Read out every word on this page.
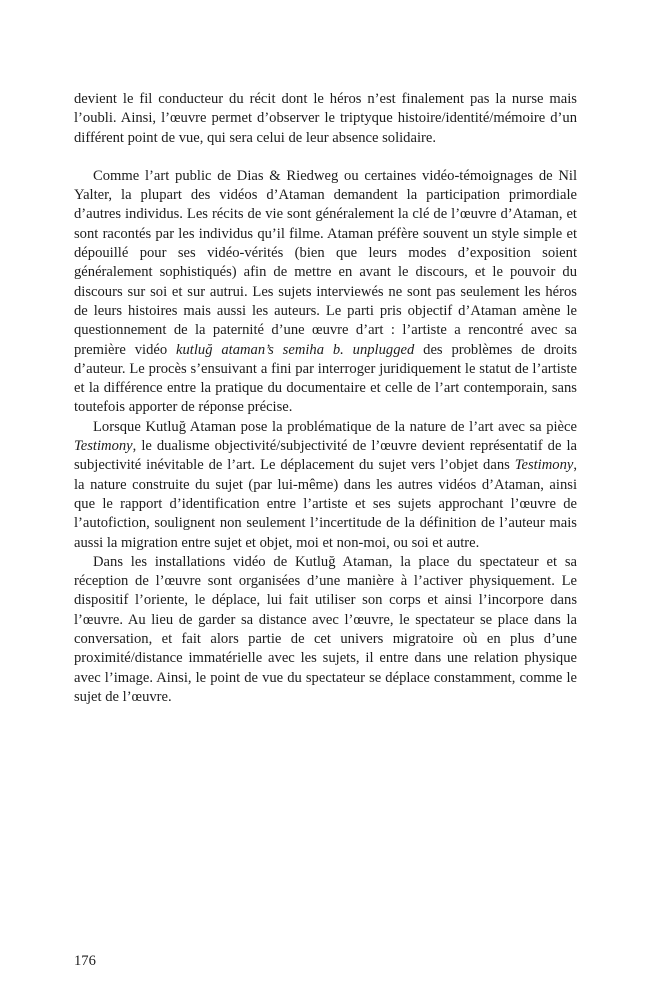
devient le fil conducteur du récit dont le héros n’est finalement pas la nurse mais l’oubli. Ainsi, l’œuvre permet d’observer le triptyque histoire/identité/mémoire d’un différent point de vue, qui sera celui de leur absence solidaire.

Comme l’art public de Dias & Riedweg ou certaines vidéo-témoignages de Nil Yalter, la plupart des vidéos d’Ataman demandent la participation primordiale d’autres individus. Les récits de vie sont généralement la clé de l’œuvre d’Ataman, et sont racontés par les individus qu’il filme. Ataman préfère souvent un style simple et dépouillé pour ses vidéo-vérités (bien que leurs modes d’exposition soient généralement sophistiqués) afin de mettre en avant le discours, et le pouvoir du discours sur soi et sur autrui. Les sujets interviewés ne sont pas seulement les héros de leurs histoires mais aussi les auteurs. Le parti pris objectif d’Ataman amène le questionnement de la paternité d’une œuvre d’art : l’artiste a rencontré avec sa première vidéo kutluğ ataman’s semiha b. unplugged des problèmes de droits d’auteur. Le procès s’ensuivant a fini par interroger juridiquement le statut de l’artiste et la différence entre la pratique du documentaire et celle de l’art contemporain, sans toutefois apporter de réponse précise.

Lorsque Kutluğ Ataman pose la problématique de la nature de l’art avec sa pièce Testimony, le dualisme objectivité/subjectivité de l’œuvre devient représentatif de la subjectivité inévitable de l’art. Le déplacement du sujet vers l’objet dans Testimony, la nature construite du sujet (par lui-même) dans les autres vidéos d’Ataman, ainsi que le rapport d’identification entre l’artiste et ses sujets approchant l’œuvre de l’autofiction, soulignent non seulement l’incertitude de la définition de l’auteur mais aussi la migration entre sujet et objet, moi et non-moi, ou soi et autre.

Dans les installations vidéo de Kutluğ Ataman, la place du spectateur et sa réception de l’œuvre sont organisées d’une manière à l’activer physiquement. Le dispositif l’oriente, le déplace, lui fait utiliser son corps et ainsi l’incorpore dans l’œuvre. Au lieu de garder sa distance avec l’œuvre, le spectateur se place dans la conversation, et fait alors partie de cet univers migratoire où en plus d’une proximité/distance immatérielle avec les sujets, il entre dans une relation physique avec l’image. Ainsi, le point de vue du spectateur se déplace constamment, comme le sujet de l’œuvre.

176
